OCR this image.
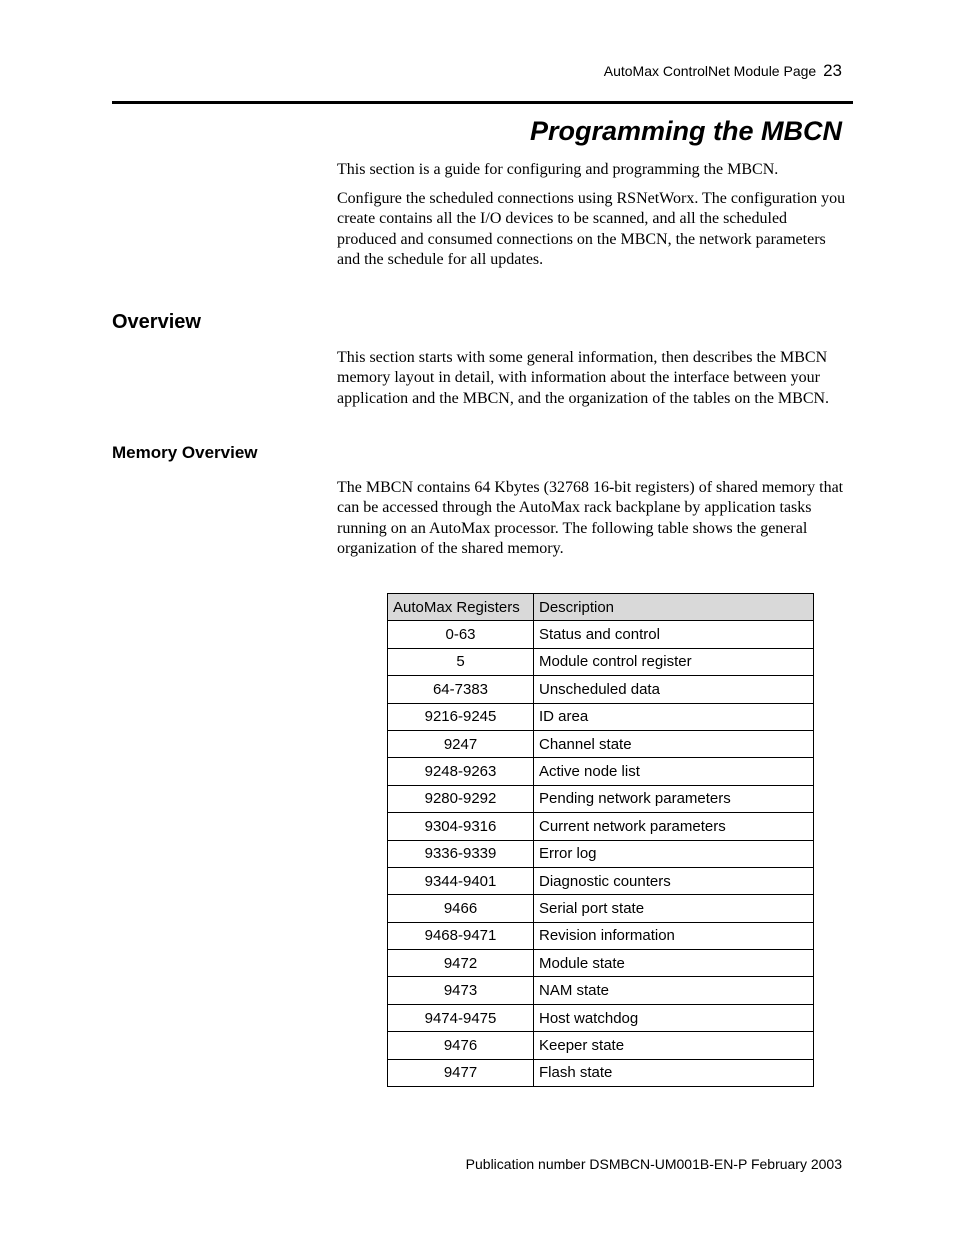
AutoMax ControlNet Module Page 23
Programming the MBCN

This section is a guide for configuring and programming the MBCN.

Configure the scheduled connections using RSNetWorx. The configuration you create contains all the I/O devices to be scanned, and all the scheduled produced and consumed connections on the MBCN, the network parameters and the schedule for all updates.

Overview

This section starts with some general information, then describes the MBCN memory layout in detail, with information about the interface between your application and the MBCN, and the organization of the tables on the MBCN.

Memory Overview

The MBCN contains 64 Kbytes (32768 16-bit registers) of shared memory that can be accessed through the AutoMax rack backplane by application tasks running on an AutoMax processor. The following table shows the general organization of the shared memory.

AutoMax Registers	Description
0-63	Status and control
5	Module control register
64-7383	Unscheduled data
9216-9245	ID area
9247	Channel state
9248-9263	Active node list
9280-9292	Pending network parameters
9304-9316	Current network parameters
9336-9339	Error log
9344-9401	Diagnostic counters
9466	Serial port state
9468-9471	Revision information
9472	Module state
9473	NAM state
9474-9475	Host watchdog
9476	Keeper state
9477	Flash state
Publication number DSMBCN-UM001B-EN-P February 2003
